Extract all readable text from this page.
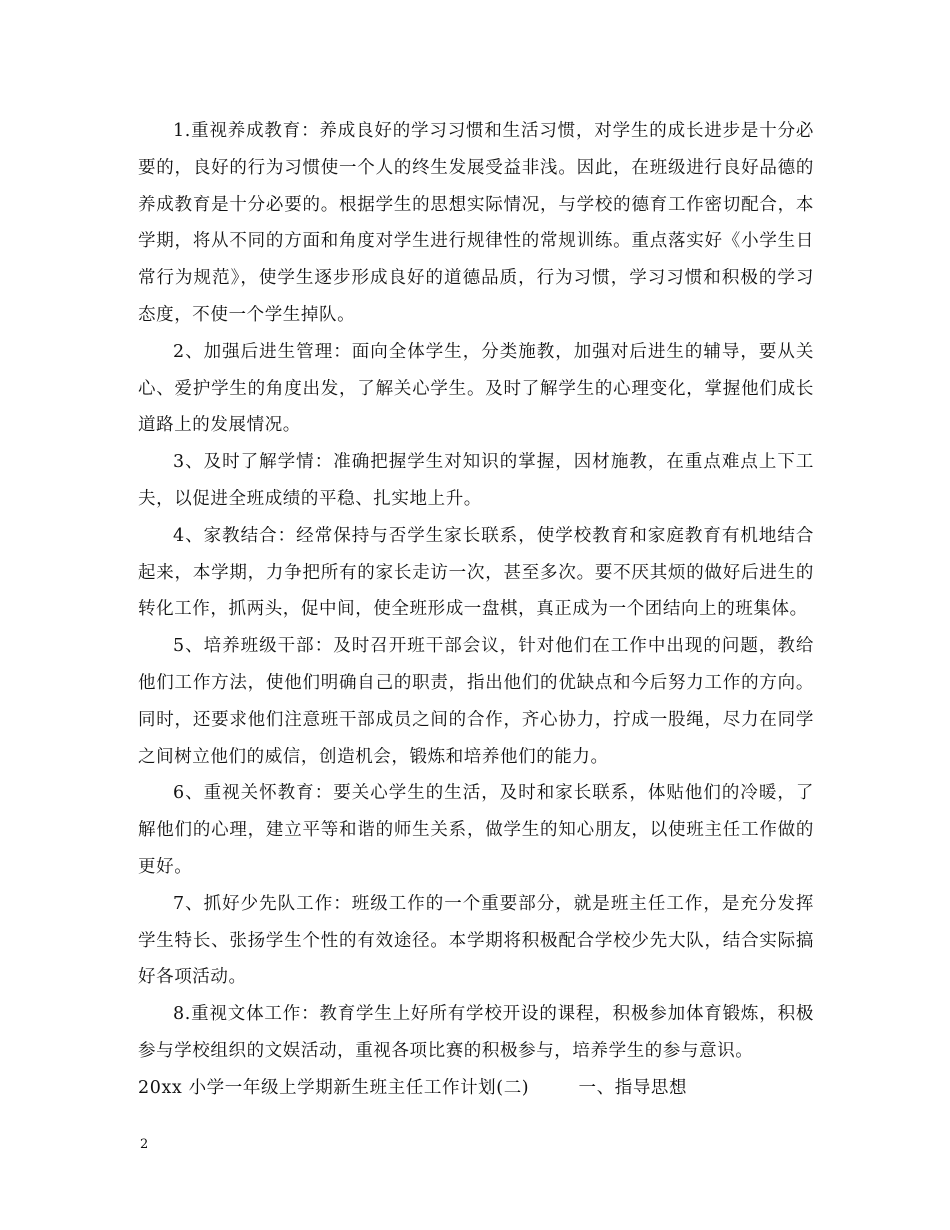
1.重视养成教育：养成良好的学习习惯和生活习惯，对学生的成长进步是十分必要的，良好的行为习惯使一个人的终生发展受益非浅。因此，在班级进行良好品德的养成教育是十分必要的。根据学生的思想实际情况，与学校的德育工作密切配合，本学期，将从不同的方面和角度对学生进行规律性的常规训练。重点落实好《小学生日常行为规范》，使学生逐步形成良好的道德品质，行为习惯，学习习惯和积极的学习态度，不使一个学生掉队。

2、加强后进生管理：面向全体学生，分类施教，加强对后进生的辅导，要从关心、爱护学生的角度出发，了解关心学生。及时了解学生的心理变化，掌握他们成长道路上的发展情况。

3、及时了解学情：准确把握学生对知识的掌握，因材施教，在重点难点上下工夫，以促进全班成绩的平稳、扎实地上升。

4、家教结合：经常保持与否学生家长联系，使学校教育和家庭教育有机地结合起来，本学期，力争把所有的家长走访一次，甚至多次。要不厌其烦的做好后进生的转化工作，抓两头，促中间，使全班形成一盘棋，真正成为一个团结向上的班集体。

5、培养班级干部：及时召开班干部会议，针对他们在工作中出现的问题，教给他们工作方法，使他们明确自己的职责，指出他们的优缺点和今后努力工作的方向。同时，还要求他们注意班干部成员之间的合作，齐心协力，拧成一股绳，尽力在同学之间树立他们的威信，创造机会，锻炼和培养他们的能力。

6、重视关怀教育：要关心学生的生活，及时和家长联系，体贴他们的冷暖，了解他们的心理，建立平等和谐的师生关系，做学生的知心朋友，以使班主任工作做的更好。

7、抓好少先队工作：班级工作的一个重要部分，就是班主任工作，是充分发挥学生特长、张扬学生个性的有效途径。本学期将积极配合学校少先大队，结合实际搞好各项活动。

8.重视文体工作：教育学生上好所有学校开设的课程，积极参加体育锻炼，积极参与学校组织的文娱活动，重视各项比赛的积极参与，培养学生的参与意识。

20xx 小学一年级上学期新生班主任工作计划(二)        一、指导思想

2
